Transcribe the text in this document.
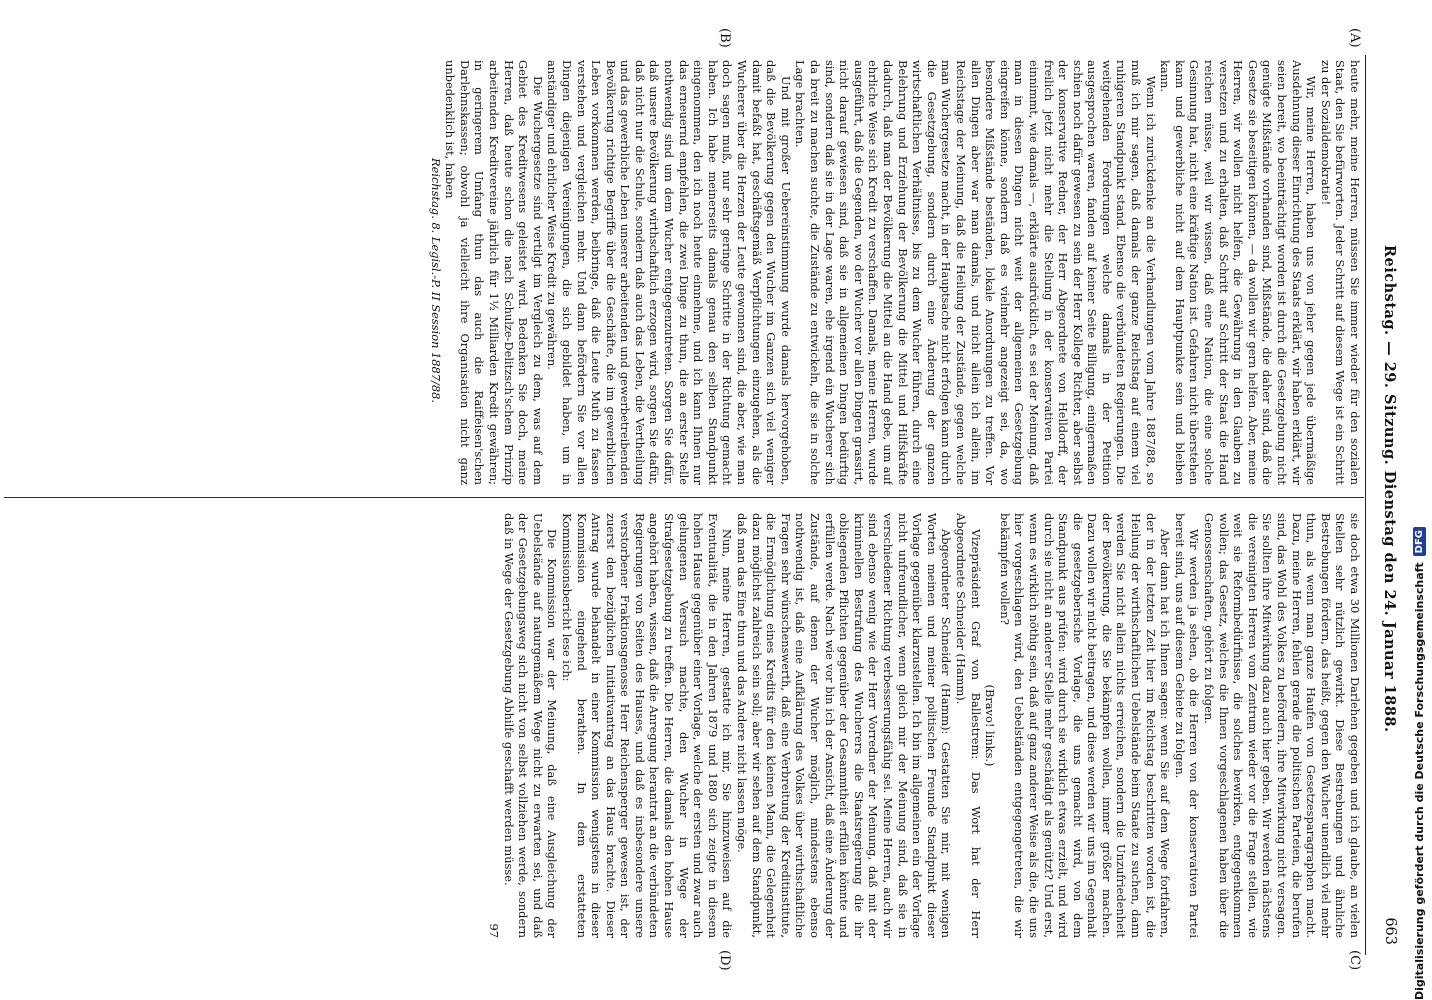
Reichstag. — 29. Sitzung. Dienstag den 24. Januar 1888.
663
(A)
(B)
(C)
(D)

heute mehr, meine Herren, müssen Sie immer wieder für den sozialen Staat, den Sie befürworten. Jeder Schritt auf diesem Wege ist ein Schritt zu der Sozialdemokratie!

Wir, meine Herren, haben uns von jeher gegen jede übermäßige Ausdehnung dieser Einrichtung des Staats erklärt, wir haben erklärt, wir seien bereit, wo beeinträchtigt worden ist durch die Gesetzgebung nicht genügte Mißstände vorhanden sind, Mißstände, die daher sind, daß die Gesetze sie beseitigen können, — da wollen wir gern helfen. Aber, meine Herren, wir wollen nicht helfen, die Gewährung in den Glauben zu versetzen und zu erhalten, daß Schritt auf Schritt der Staat die Hand reichen müsse, weil wir wissen, daß eine Nation, die eine solche Gesinnung hat, nicht eine kräftige Nation ist. Gefahren nicht überstehen kann und gewerbliche nicht auf dem Hauptpunkte sein und bleiben kann.

Wenn ich zurückdenke an die Verhandlungen vom Jahre 1887/88, so muß ich mir sagen, daß damals der ganze Reichstag auf einem viel ruhigeren Standpunkt stand. Ebenso die verbündeten Regierungen. Die weitgehenden Forderungen welche damals in der Petition ausgesprochen waren, fanden auf keiner Seite Billigung, einigermaßen schien noch dafür gewesen zu sein der Herr Kollege Richter, aber selbst der konservative Redner, der Herr Abgeordnete von Helldorff, der freilich jetzt nicht mehr die Stellung in der konservativen Partei einnimmt, wie damals —, erklärte ausdrücklich, es sei der Meinung, daß man in diesen Dingen nicht weit der allgemeinen Gesetzgebung eingreifen könne, sondern daß es vielmehr angezeigt sei, da, wo besondere Mißstände beständen, lokale Anordnungen zu treffen. Vor allen Dingen aber war man damals, und nicht allein ich allein, im Reichstage der Meinung, daß die Heilung der Zustände, gegen welche man Wuchergesetze macht, in der Hauptsache nicht erfolgen kann durch die Gesetzgebung, sondern durch eine Änderung der ganzen wirtschaftlichen Verhältnisse, bis zu dem Wucher führen, durch eine Belehrung und Erziehung der Bevölkerung die Mittel und Hilfskräfte dadurch, daß man der Bevölkerung die Mittel an die Hand gebe, um auf ehrliche Weise sich Kredit zu verschaffen. Damals, meine Herren, wurde ausgeführt, daß die Gegenden, wo der Wucher vor allen Dingen grassirt, nicht darauf gewiesen sind, daß sie in allgemeinen Dingen bedürftig sind, sondern daß sie in der Lage waren, ehe irgend ein Wucherer sich da breit zu machen suchte, die Zustände zu entwickeln, die sie in solche Lage brachten.

Und mit großer Uebereinstimmung wurde damals hervorgehoben, daß die Bevölkerung gegen den Wucher im Ganzen sich viel weniger damit befaßt hat, geschäftsgemäß Verpflichtungen einzugehen, als die Wucherer über die Herzen der Leute gewonnen sind, die aber, wie man doch sagen muß, nur sehr geringe Schritte in der Richtung gemacht haben. Ich habe meinerseits damals genau den selben Standpunkt eingenommen, den ich noch heute einnehme, und ich kann Ihnen nur das erneuernd empfehlen, die zwei Dinge zu thun, die an erster Stelle nothwendig sind um dem Wucher entgegenzutreten. Sorgen Sie dafür, daß unsere Bevölkerung wirthschaftlich erzogen wird, sorgen Sie dafür, daß nicht nur die Schule, sondern daß auch das Leben, die Vertheilung und das gewerbliche Leben unserer arbeitenden und gewerbetreibenden Bevölkerung richtige Begriffe über die Geschäfte, die im gewerblichen Leben vorkommen werden, beibringe, daß die Leute Muth zu fassen verstehen und vergleichen mehr. Und dann befördern Sie vor allen Dingen diejenigen Vereinigungen, die sich gebildet haben, um in anständiger und ehrlicher Weise Kredit zu gewähren.

Die Wuchergesetze sind vertilgt im Vergleich zu dem, was auf dem Gebiet des Kreditwesens geleistet wird. Bedenken Sie doch, meine Herren, daß heute schon die nach Schulze-Delitzsch'schem Prinzip arbeitenden Kreditvereine jährlich für 1½ Milliarden Kredit gewähren; in geringerem Umfang thun das auch die Raiffeisen'schen Darlehnskassen; obwohl ja vielleicht ihre Organisation nicht ganz unbedenklich ist, haben

Reichstag. 8. Legisl.-P. II Session 1887/88.

sie doch etwa 30 Millionen Darlehen gegeben und ich glaube, an vielen Stellen sehr nützlich gewirkt. Diese Bestrebungen und ähnliche Bestrebungen fördern, das heißt, gegen den Wucher unendlich viel mehr thun, als wenn man ganze Haufen von Gesetzesparagraphen macht. Dazu, meine Herren, fehlen gerade die politischen Parteien, die berufen sind, das Wohl des Volkes zu befördern, ihre Mitwirkung nicht versagen. Sie sollten ihre Mitwirkung dazu auch hier geben. Wir werden nächstens die vereinigten Herren vom Zentrum wieder vor die Frage stellen, wie weit sie Reformbedürfnisse, die solches bewirken, entgegenkommen wollen; das Gesetz, welches die Ihnen vorgeschlagenen haben über die Genossenschaften, gehört zu folgen.

Wir werden ja sehen, ob die Herren von der konservativen Partei bereit sind, uns auf diesem Gebiete zu folgen.

Aber dann hat ich Ihnen sagen: wenn Sie auf dem Wege fortfahren, der in der letzten Zeit hier im Reichstag beschritten worden ist, die Heilung der wirthschaftlichen Uebelstände beim Staate zu suchen, dann werden Sie nicht allein nichts erreichen, sondern die Unzufriedenheit der Bevölkerung, die Sie bekämpfen wollen, immer größer machen. Dazu wollen wir nicht beitragen, und diese werden wir uns im Gegenhalt die gesetzgeberische Vorlage, die uns gemacht wird, von dem Standpunkt aus prüfen: wird durch sie wirklich etwas erzielt, und wird durch sie nicht an anderer Stelle mehr geschädigt als genützt? Und erst, wenn es wirklich nöthig sein, daß auf ganz anderer Weise als die, die uns hier vorgeschlagen wird, den Uebelständen entgegengetreten, die wir bekämpfen wollen?

(Bravo! links.)

Vizepräsident Graf von Ballestrem: Das Wort hat der Herr Abgeordnete Schneider (Hamm).

Abgeordneter Schneider (Hamm): Gestatten Sie mir, mit wenigen Worten meinen und meiner politischen Freunde Standpunkt dieser Vorlage gegenüber klarzustellen. Ich bin im allgemeinen ein der Vorlage nicht unfreundlicher, wenn gleich mir der Meinung sind, daß sie in verschiedener Richtung verbesserungsfähig sei. Meine Herren, auch wir sind ebenso wenig wie der Herr Vorredner der Meinung, daß mit der kriminellen Bestrafung des Wucherers die Staatsregierung die ihr obliegenden Pflichten gegenüber der Gesammtheit erfüllen könnte und erfüllen werde. Nach wie vor bin ich der Ansicht, daß eine Änderung der Zustände, auf denen der Wucher möglich, mindestens ebenso nothwendig ist, daß eine Aufklärung des Volkes über wirthschaftliche Fragen sehr wünschenswerth, daß eine Verbreitung der Kreditinstitute, die Ermöglichung eines Kredits für den kleinen Mann, die Gelegenheit dazu möglichst zahlreich sein soll; aber wir sehen auf dem Standpunkt, daß man das Eine thun und das Andere nicht lassen möge.

Nun, meine Herren, gestatte ich mir, Sie hinzuweisen auf die Eventualität, die in den Jahren 1879 und 1880 sich zeigte in diesem hohen Hause gegenüber einer Vorlage, welche der ersten und zwar auch gelungenen Versuch machte, den Wucher in Wege der Strafgesetzgebung zu treffen. Die Herren, die damals den hohen Hause angehört haben, wissen, daß die Anregung herantrat an die verbündeten Regierungen von Seiten des Hauses, und daß es insbesondere unsere verstorbener Fraktionsgenosse Herr Reichensperger gewesen ist, der zuerst den bezüglichen Initiativantrag an das Haus brachte. Dieser Antrag wurde behandelt in einer Kommission wenigstens in dieser Kommission eingehend berathen. In dem erstatteten Kommissionsbericht lese ich:

Die Kommission war der Meinung, daß eine Ausgleichung der Uebelstände auf naturgemäßem Wege nicht zu erwarten sei, und daß der Gesetzgebungsweg sich nicht von selbst vollziehen werde, sondern daß in Wege der Gesetzgebung Abhilfe geschafft werden müsse.

97	Digitalisierung gefördert durch die Deutsche Forschungsgemeinschaft
DFG
